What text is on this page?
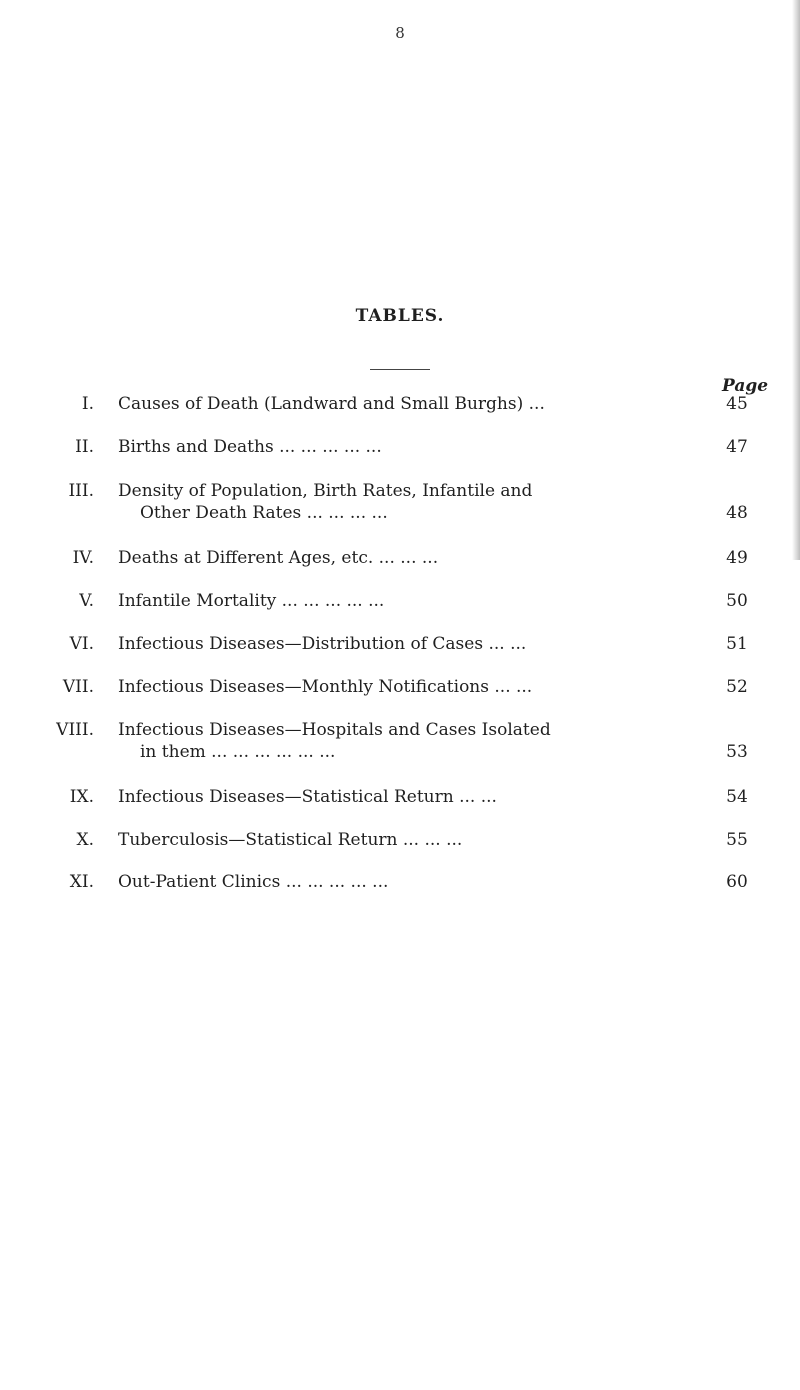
8
TABLES.
Page
I. Causes of Death (Landward and Small Burghs) ...	45
II. Births and Deaths ... ... ... ... ...	47
III. Density of Population, Birth Rates, Infantile and
Other Death Rates ... ... ... ...	48
IV. Deaths at Different Ages, etc. ... ... ...	49
V. Infantile Mortality ... ... ... ... ...	50
VI. Infectious Diseases—Distribution of Cases ... ...	51
VII. Infectious Diseases—Monthly Notifications ... ...	52
VIII. Infectious Diseases—Hospitals and Cases Isolated
in them ... ... ... ... ... ...	53
IX. Infectious Diseases—Statistical Return ... ...	54
X. Tuberculosis—Statistical Return ... ... ...	55
XI. Out-Patient Clinics ... ... ... ... ...	60
